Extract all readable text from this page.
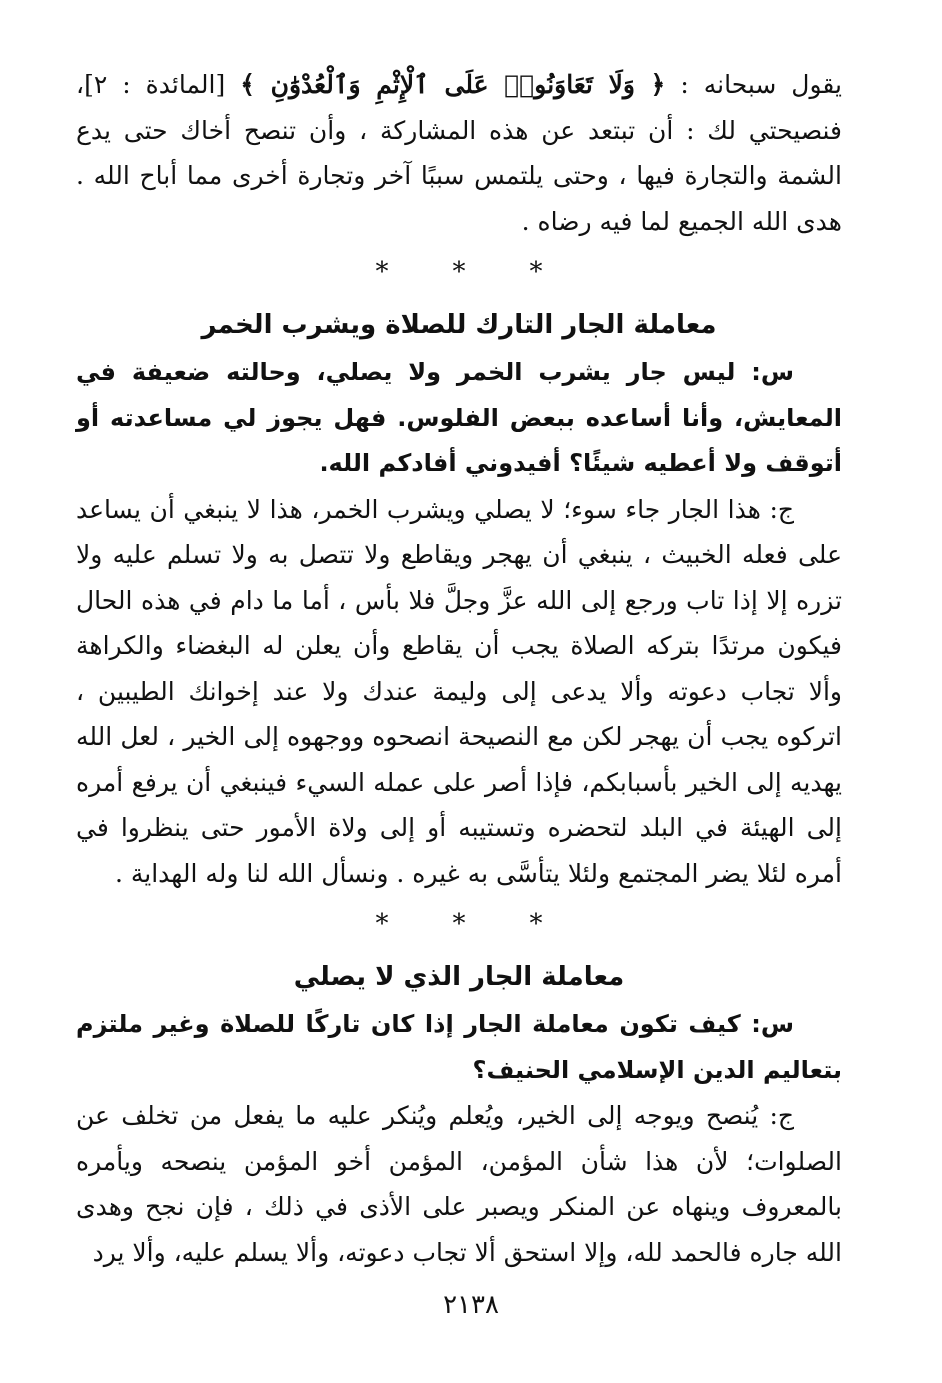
يقول سبحانه : ﴿ وَلَا تَعَاوَنُوا۟ عَلَى ٱلْإِثْمِ وَٱلْعُدْوَٰنِ ﴾ [المائدة : ٢]، فنصيحتي لك : أن تبتعد عن هذه المشاركة ، وأن تنصح أخاك حتى يدع الشمة والتجارة فيها ، وحتى يلتمس سببًا آخر وتجارة أخرى مما أباح الله . هدى الله الجميع لما فيه رضاه .

* * *
معاملة الجار التارك للصلاة ويشرب الخمر

س: ليس جار يشرب الخمر ولا يصلي، وحالته ضعيفة في المعايش، وأنا أساعده ببعض الفلوس. فهل يجوز لي مساعدته أو أتوقف ولا أعطيه شيئًا؟ أفيدوني أفادكم الله.

ج: هذا الجار جاء سوء؛ لا يصلي ويشرب الخمر، هذا لا ينبغي أن يساعد على فعله الخبيث ، ينبغي أن يهجر ويقاطع ولا تتصل به ولا تسلم عليه ولا تزره إلا إذا تاب ورجع إلى الله عزَّ وجلَّ فلا بأس ، أما ما دام في هذه الحال فيكون مرتدًا بتركه الصلاة يجب أن يقاطع وأن يعلن له البغضاء والكراهة وألا تجاب دعوته وألا يدعى إلى وليمة عندك ولا عند إخوانك الطيبين ، اتركوه يجب أن يهجر لكن مع النصيحة انصحوه ووجهوه إلى الخير ، لعل الله يهديه إلى الخير بأسبابكم، فإذا أصر على عمله السيء فينبغي أن يرفع أمره إلى الهيئة في البلد لتحضره وتستيبه أو إلى ولاة الأمور حتى ينظروا في أمره لئلا يضر المجتمع ولئلا يتأسَّى به غيره . ونسأل الله لنا وله الهداية .

* * *
معاملة الجار الذي لا يصلي

س: كيف تكون معاملة الجار إذا كان تاركًا للصلاة وغير ملتزم بتعاليم الدين الإسلامي الحنيف؟

ج: يُنصح ويوجه إلى الخير، ويُعلم ويُنكر عليه ما يفعل من تخلف عن الصلوات؛ لأن هذا شأن المؤمن، المؤمن أخو المؤمن ينصحه ويأمره بالمعروف وينهاه عن المنكر ويصبر على الأذى في ذلك ، فإن نجح وهدى الله جاره فالحمد لله، وإلا استحق ألا تجاب دعوته، وألا يسلم عليه، وألا يرد

٢١٣٨
